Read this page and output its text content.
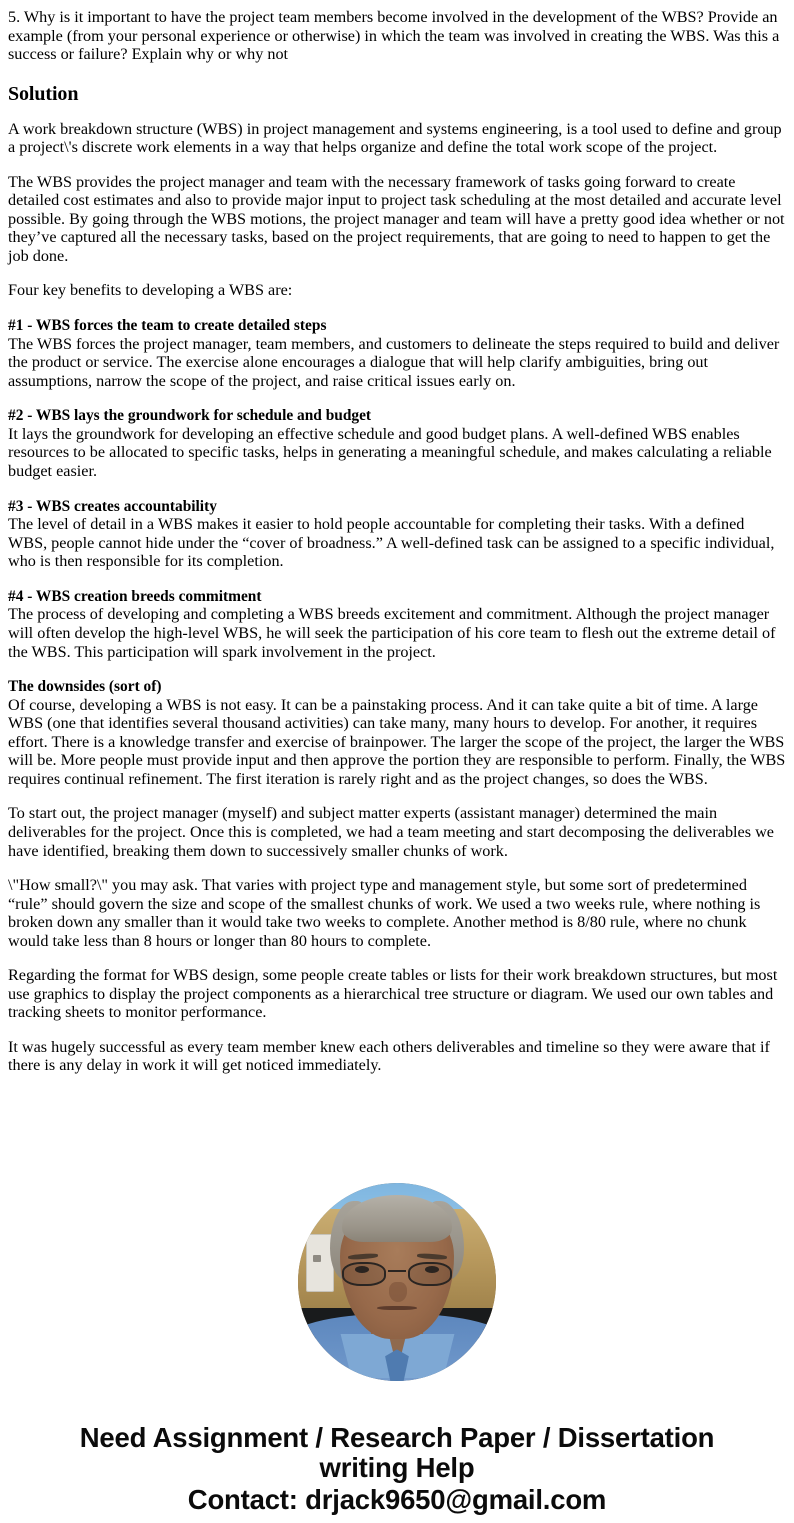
5. Why is it important to have the project team members become involved in the development of the WBS? Provide an example (from your personal experience or otherwise) in which the team was involved in creating the WBS. Was this a success or failure? Explain why or why not

Solution

A work breakdown structure (WBS) in project management and systems engineering, is a tool used to define and group a project\'s discrete work elements in a way that helps organize and define the total work scope of the project.

The WBS provides the project manager and team with the necessary framework of tasks going forward to create detailed cost estimates and also to provide major input to project task scheduling at the most detailed and accurate level possible. By going through the WBS motions, the project manager and team will have a pretty good idea whether or not they’ve captured all the necessary tasks, based on the project requirements, that are going to need to happen to get the job done.

Four key benefits to developing a WBS are:

#1 - WBS forces the team to create detailed steps
The WBS forces the project manager, team members, and customers to delineate the steps required to build and deliver the product or service. The exercise alone encourages a dialogue that will help clarify ambiguities, bring out assumptions, narrow the scope of the project, and raise critical issues early on.

#2 - WBS lays the groundwork for schedule and budget
It lays the groundwork for developing an effective schedule and good budget plans. A well-defined WBS enables resources to be allocated to specific tasks, helps in generating a meaningful schedule, and makes calculating a reliable budget easier.

#3 - WBS creates accountability
The level of detail in a WBS makes it easier to hold people accountable for completing their tasks. With a defined WBS, people cannot hide under the “cover of broadness.” A well-defined task can be assigned to a specific individual, who is then responsible for its completion.

#4 - WBS creation breeds commitment
The process of developing and completing a WBS breeds excitement and commitment. Although the project manager will often develop the high-level WBS, he will seek the participation of his core team to flesh out the extreme detail of the WBS. This participation will spark involvement in the project.

The downsides (sort of)
Of course, developing a WBS is not easy. It can be a painstaking process. And it can take quite a bit of time. A large WBS (one that identifies several thousand activities) can take many, many hours to develop. For another, it requires effort. There is a knowledge transfer and exercise of brainpower. The larger the scope of the project, the larger the WBS will be. More people must provide input and then approve the portion they are responsible to perform. Finally, the WBS requires continual refinement. The first iteration is rarely right and as the project changes, so does the WBS.

To start out, the project manager (myself) and subject matter experts (assistant manager) determined the main deliverables for the project. Once this is completed, we had a team meeting and start decomposing the deliverables we have identified, breaking them down to successively smaller chunks of work.

\"How small?\" you may ask. That varies with project type and management style, but some sort of predetermined “rule” should govern the size and scope of the smallest chunks of work. We used a two weeks rule, where nothing is broken down any smaller than it would take two weeks to complete. Another method is 8/80 rule, where no chunk would take less than 8 hours or longer than 80 hours to complete.

Regarding the format for WBS design, some people create tables or lists for their work breakdown structures, but most use graphics to display the project components as a hierarchical tree structure or diagram. We used our own tables and tracking sheets to monitor performance.

It was hugely successful as every team member knew each others deliverables and timeline so they were aware that if there is any delay in work it will get noticed immediately.

Need Assignment / Research Paper / Dissertation
writing Help
Contact: drjack9650@gmail.com
